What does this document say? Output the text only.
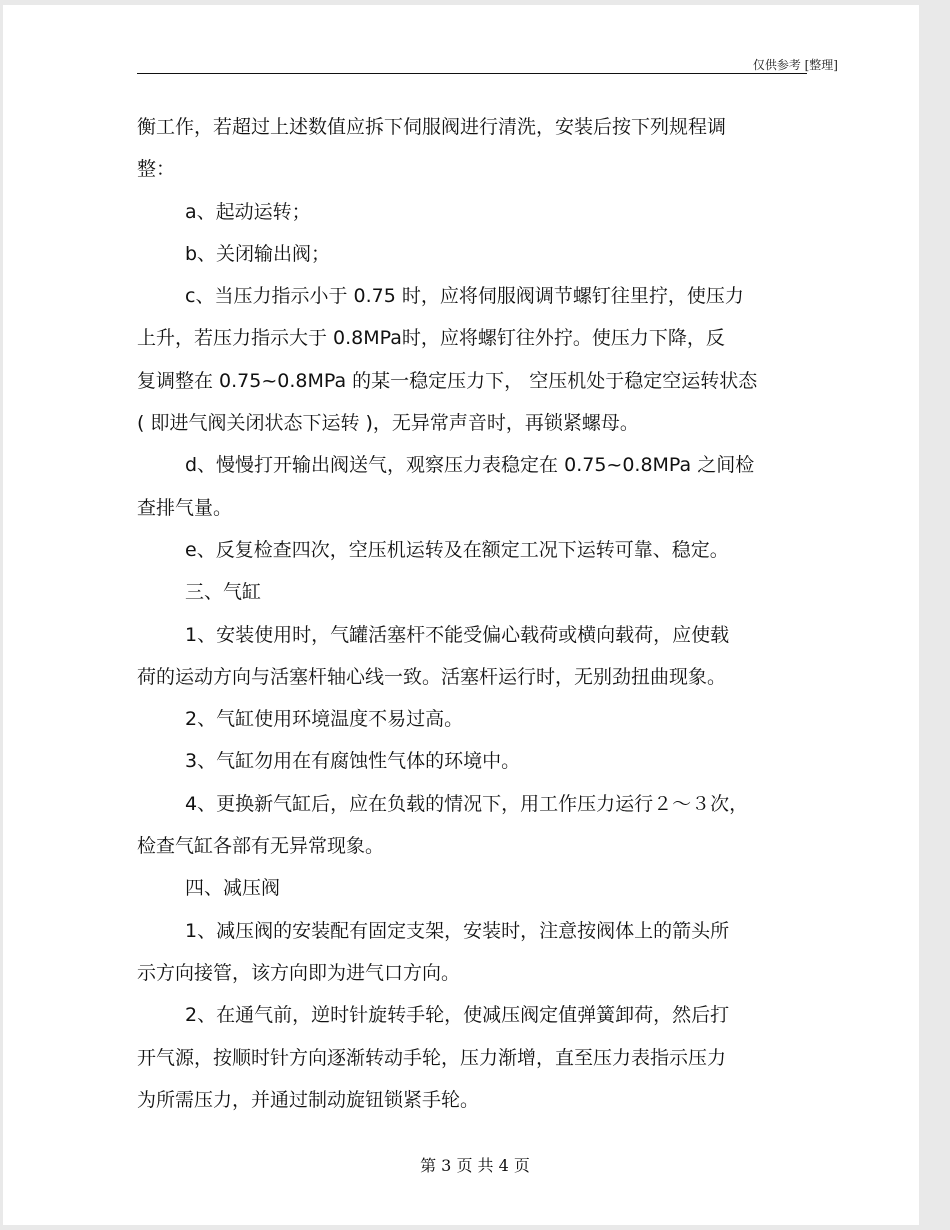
仅供参考 [整理]

衡工作，若超过上述数值应拆下伺服阀进行清洗，安装后按下列规程调

整：

a、起动运转；

b、关闭输出阀；

c、当压力指示小于 0.75 时，应将伺服阀调节螺钉往里拧，使压力

上升，若压力指示大于 0.8MPa时，应将螺钉往外拧。使压力下降，反

复调整在 0.75~0.8MPa 的某一稳定压力下， 空压机处于稳定空运转状态

( 即进气阀关闭状态下运转 )，无异常声音时，再锁紧螺母。

d、慢慢打开输出阀送气，观察压力表稳定在 0.75~0.8MPa 之间检

查排气量。

e、反复检查四次，空压机运转及在额定工况下运转可靠、稳定。

三、气缸

1、安装使用时，气罐活塞杆不能受偏心载荷或横向载荷，应使载

荷的运动方向与活塞杆轴心线一致。活塞杆运行时，无别劲扭曲现象。

2、气缸使用环境温度不易过高。

3、气缸勿用在有腐蚀性气体的环境中。

4、更换新气缸后，应在负载的情况下，用工作压力运行２～３次，

检查气缸各部有无异常现象。

四、减压阀

1、减压阀的安装配有固定支架，安装时，注意按阀体上的箭头所

示方向接管，该方向即为进气口方向。

2、在通气前，逆时针旋转手轮，使减压阀定值弹簧卸荷，然后打

开气源，按顺时针方向逐渐转动手轮，压力渐增，直至压力表指示压力

为所需压力，并通过制动旋钮锁紧手轮。

第 3 页 共 4 页
